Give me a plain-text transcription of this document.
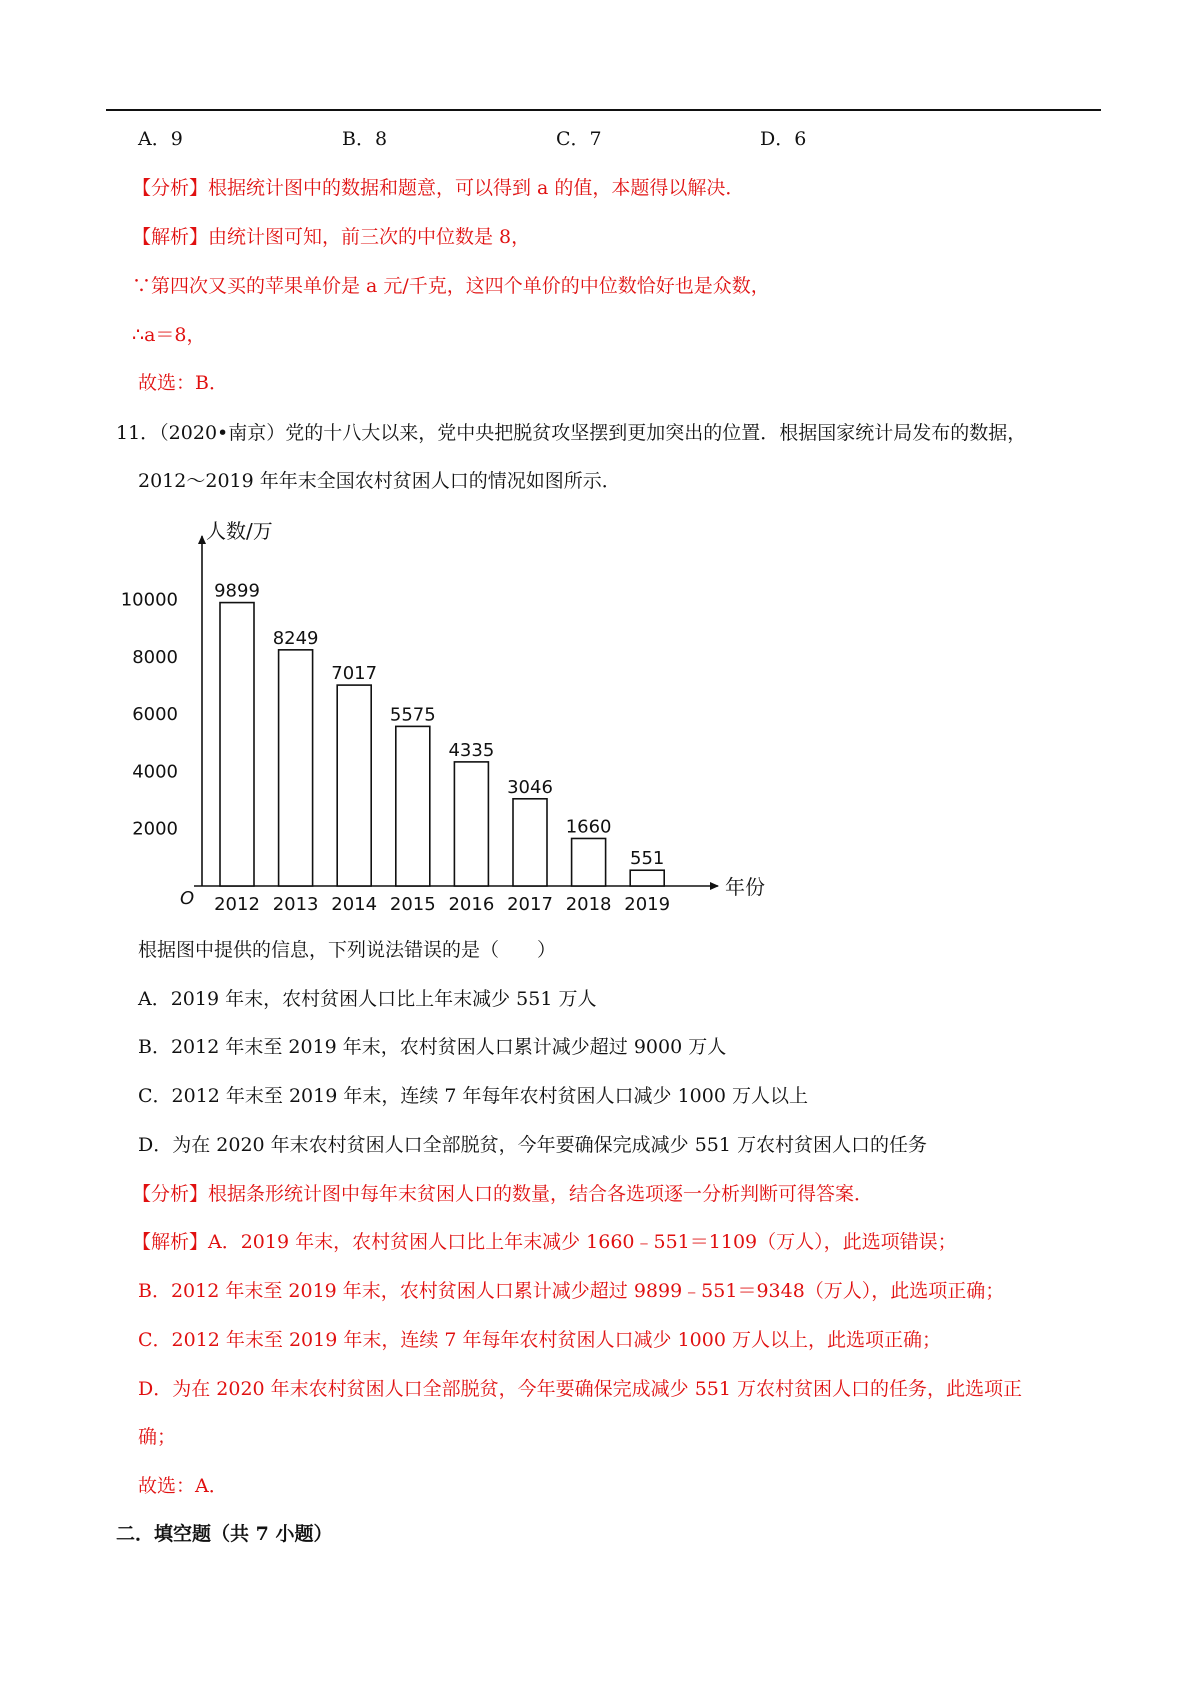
A．9	B．8	C．7	D．6
【分析】根据统计图中的数据和题意，可以得到 a 的值，本题得以解决．
【解析】由统计图可知，前三次的中位数是 8，
∵第四次又买的苹果单价是 a 元/千克，这四个单价的中位数恰好也是众数，
∴a＝8，
故选：B．
11．（2020•南京）党的十八大以来，党中央把脱贫攻坚摆到更加突出的位置．根据国家统计局发布的数据，
2012～2019 年年末全国农村贫困人口的情况如图所示．
人数/万
年份
O
2000
4000
6000
8000
10000 9899
8249
7017
5575
4335
3046
1660
551
2012 2013 2014 2015 2016 2017 2018 2019
根据图中提供的信息，下列说法错误的是（　　）
A．2019 年末，农村贫困人口比上年末减少 551 万人
B．2012 年末至 2019 年末，农村贫困人口累计减少超过 9000 万人
C．2012 年末至 2019 年末，连续 7 年每年农村贫困人口减少 1000 万人以上
D．为在 2020 年末农村贫困人口全部脱贫，今年要确保完成减少 551 万农村贫困人口的任务
【分析】根据条形统计图中每年末贫困人口的数量，结合各选项逐一分析判断可得答案．
【解析】A．2019 年末，农村贫困人口比上年末减少 1660﹣551＝1109（万人），此选项错误；
B．2012 年末至 2019 年末，农村贫困人口累计减少超过 9899﹣551＝9348（万人），此选项正确；
C．2012 年末至 2019 年末，连续 7 年每年农村贫困人口减少 1000 万人以上，此选项正确；
D．为在 2020 年末农村贫困人口全部脱贫，今年要确保完成减少 551 万农村贫困人口的任务，此选项正
确；
故选：A．
二．填空题（共 7 小题）
